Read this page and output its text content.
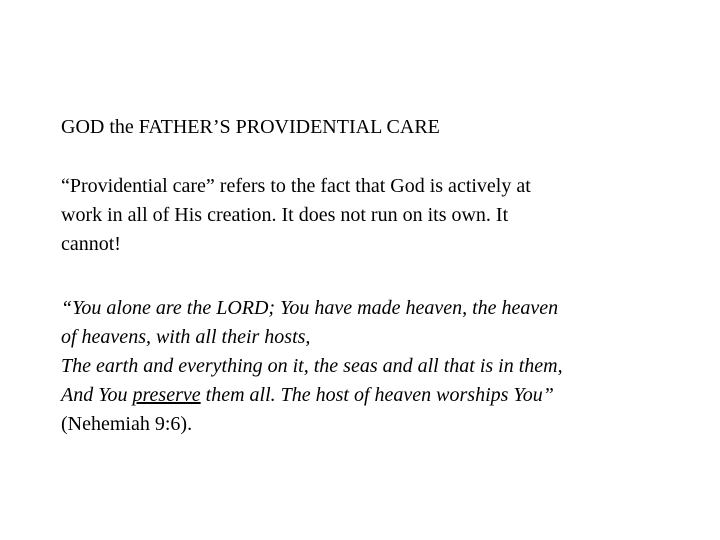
GOD the FATHER’S PROVIDENTIAL CARE
“Providential care” refers to the fact that God is actively at
work in all of His creation. It does not run on its own. It
cannot!
“You alone are the LORD; You have made heaven, the heaven
of heavens, with all their hosts,
The earth and everything on it, the seas and all that is in them,
And You preserve them all. The host of heaven worships You”
(Nehemiah 9:6).
